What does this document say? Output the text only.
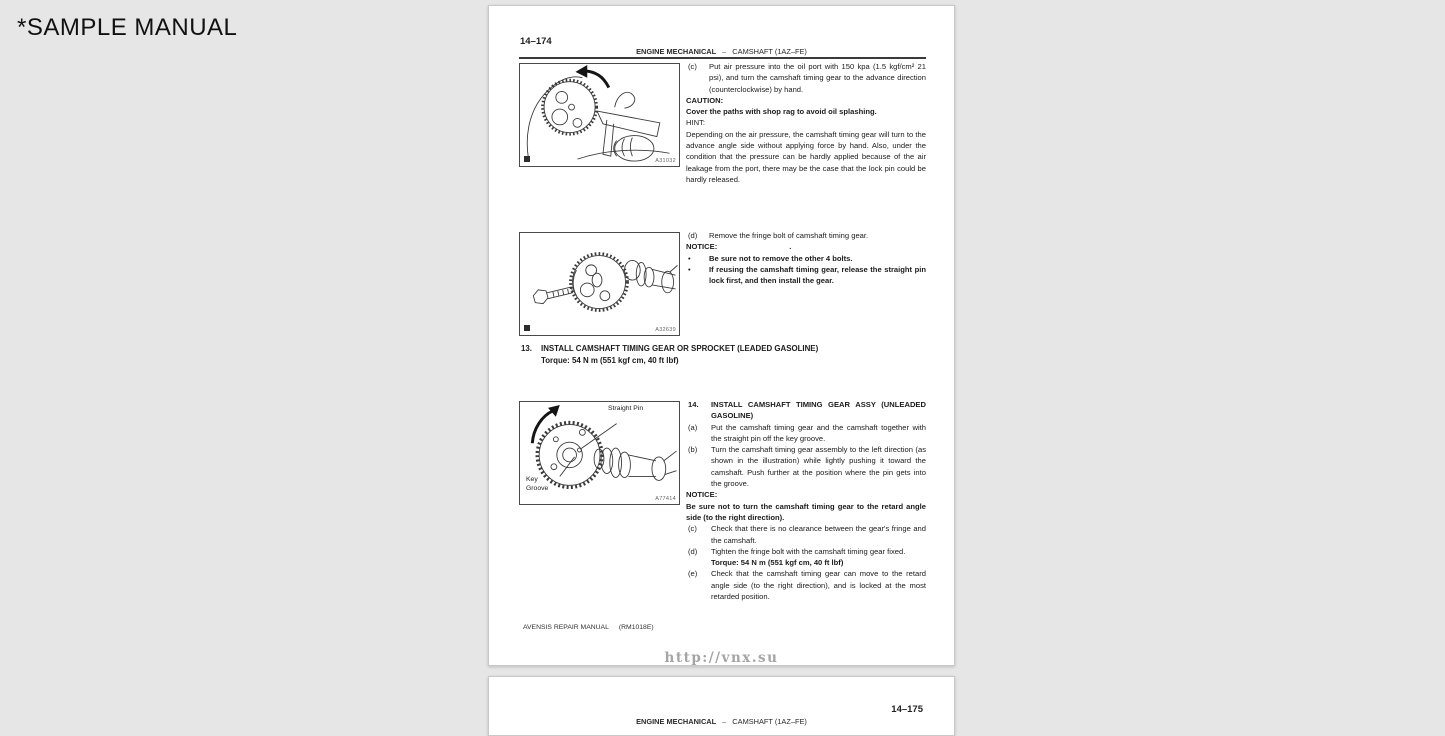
*SAMPLE MANUAL
14–174
ENGINE MECHANICAL – CAMSHAFT (1AZ–FE)
A31032
(c)	Put air pressure into the oil port with 150 kpa (1.5 kgf/cm² 21 psi), and turn the camshaft timing gear to the advance direction (counterclockwise) by hand.
CAUTION:
Cover the paths with shop rag to avoid oil splashing.
HINT:
Depending on the air pressure, the camshaft timing gear will turn to the advance angle side without applying force by hand. Also, under the condition that the pressure can be hardly applied because of the air leakage from the port, there may be the case that the lock pin could be hardly released.
A32639
(d)	Remove the fringe bolt of camshaft timing gear.
NOTICE:	.
•	Be sure not to remove the other 4 bolts.
•	If reusing the camshaft timing gear, release the straight pin lock first, and then install the gear.
13.	INSTALL CAMSHAFT TIMING GEAR OR SPROCKET (LEADED GASOLINE)
Torque: 54 N m (551 kgf cm, 40 ft lbf)
Straight Pin
Key Groove
A77414
14.	INSTALL CAMSHAFT TIMING GEAR ASSY (UNLEADED GASOLINE)
(a)	Put the camshaft timing gear and the camshaft together with the straight pin off the key groove.
(b)	Turn the camshaft timing gear assembly to the left direction (as shown in the illustration) while lightly pushing it toward the camshaft. Push further at the position where the pin gets into the groove.
NOTICE:
Be sure not to turn the camshaft timing gear to the retard angle side (to the right direction).
(c)	Check that there is no clearance between the gear's fringe and the camshaft.
(d)	Tighten the fringe bolt with the camshaft timing gear fixed.
Torque: 54 N m (551 kgf cm, 40 ft lbf)
(e)	Check that the camshaft timing gear can move to the retard angle side (to the right direction), and is locked at the most retarded position.
AVENSIS REPAIR MANUAL (RM1018E)
http://vnx.su
14–175
ENGINE MECHANICAL – CAMSHAFT (1AZ–FE)
